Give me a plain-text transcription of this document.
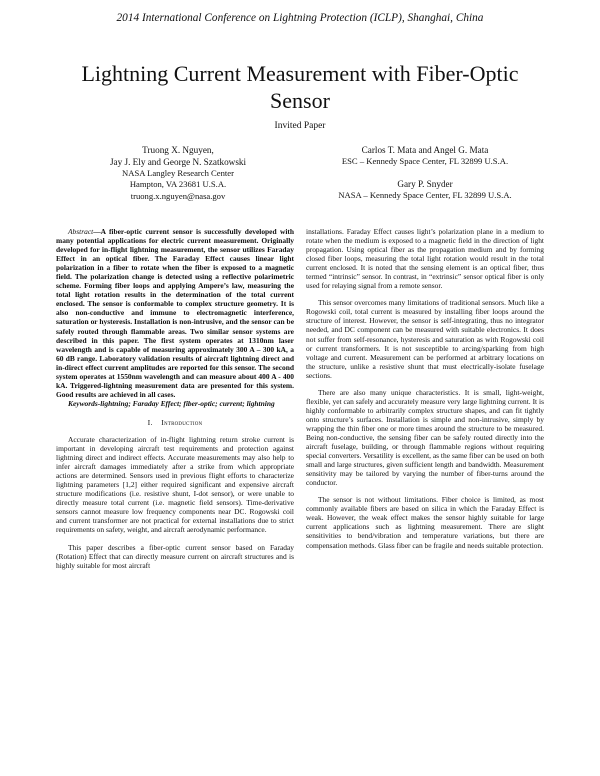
2014 International Conference on Lightning Protection (ICLP), Shanghai, China
Lightning Current Measurement with Fiber-Optic Sensor
Invited Paper
Truong X. Nguyen,
Jay J. Ely and George N. Szatkowski
NASA Langley Research Center
Hampton, VA 23681 U.S.A.
truong.x.nguyen@nasa.gov
Carlos T. Mata and Angel G. Mata
ESC – Kennedy Space Center, FL 32899 U.S.A.
Gary P. Snyder
NASA – Kennedy Space Center, FL 32899 U.S.A.

Abstract—A fiber-optic current sensor is successfully developed with many potential applications for electric current measurement. Originally developed for in-flight lightning measurement, the sensor utilizes Faraday Effect in an optical fiber. The Faraday Effect causes linear light polarization in a fiber to rotate when the fiber is exposed to a magnetic field. The polarization change is detected using a reflective polarimetric scheme. Forming fiber loops and applying Ampere’s law, measuring the total light rotation results in the determination of the total current enclosed. The sensor is conformable to complex structure geometry. It is also non-conductive and immune to electromagnetic interference, saturation or hysteresis. Installation is non-intrusive, and the sensor can be safely routed through flammable areas. Two similar sensor systems are described in this paper. The first system operates at 1310nm laser wavelength and is capable of measuring approximately 300 A – 300 kA, a 60 dB range. Laboratory validation results of aircraft lightning direct and in-direct effect current amplitudes are reported for this sensor. The second system operates at 1550nm wavelength and can measure about 400 A - 400 kA. Triggered-lightning measurement data are presented for this system. Good results are achieved in all cases.

Keywords-lightning; Faraday Effect; fiber-optic; current; lightning

I. Introduction

Accurate characterization of in-flight lightning return stroke current is important in developing aircraft test requirements and protection against lightning direct and indirect effects. Accurate measurements may also help to infer aircraft damages immediately after a strike from which appropriate actions are determined. Sensors used in previous flight efforts to characterize lightning parameters [1,2] either required significant and expensive aircraft structure modifications (i.e. resistive shunt, I-dot sensor), or were unable to directly measure total current (i.e. magnetic field sensors). Time-derivative sensors cannot measure low frequency components near DC. Rogowski coil and current transformer are not practical for external installations due to strict requirements on safety, weight, and aircraft aerodynamic performance.

This paper describes a fiber-optic current sensor based on Faraday (Rotation) Effect that can directly measure current on aircraft structures and is highly suitable for most aircraft

installations. Faraday Effect causes light’s polarization plane in a medium to rotate when the medium is exposed to a magnetic field in the direction of light propagation. Using optical fiber as the propagation medium and by forming closed fiber loops, measuring the total light rotation would result in the total current enclosed. It is noted that the sensing element is an optical fiber, thus termed “intrinsic” sensor. In contrast, in “extrinsic” sensor optical fiber is only used for relaying signal from a remote sensor.

This sensor overcomes many limitations of traditional sensors. Much like a Rogowski coil, total current is measured by installing fiber loops around the structure of interest. However, the sensor is self-integrating, thus no integrator needed, and DC component can be measured with suitable electronics. It does not suffer from self-resonance, hysteresis and saturation as with Rogowski coil or current transformers. It is not susceptible to arcing/sparking from high voltage and current. Measurement can be performed at arbitrary locations on the structure, unlike a resistive shunt that must electrically-isolate fuselage sections.

There are also many unique characteristics. It is small, light-weight, flexible, yet can safely and accurately measure very large lightning current. It is highly conformable to arbitrarily complex structure shapes, and can fit tightly onto structure’s surfaces. Installation is simple and non-intrusive, simply by wrapping the thin fiber one or more times around the structure to be measured. Being non-conductive, the sensing fiber can be safely routed directly into the aircraft fuselage, building, or through flammable regions without requiring special converters. Versatility is excellent, as the same fiber can be used on both small and large structures, given sufficient length and bandwidth. Measurement sensitivity may be tailored by varying the number of fiber-turns around the conductor.

The sensor is not without limitations. Fiber choice is limited, as most commonly available fibers are based on silica in which the Faraday Effect is weak. However, the weak effect makes the sensor highly suitable for large current applications such as lightning measurement. There are slight sensitivities to bend/vibration and temperature variations, but there are compensation methods. Glass fiber can be fragile and needs suitable protection.
